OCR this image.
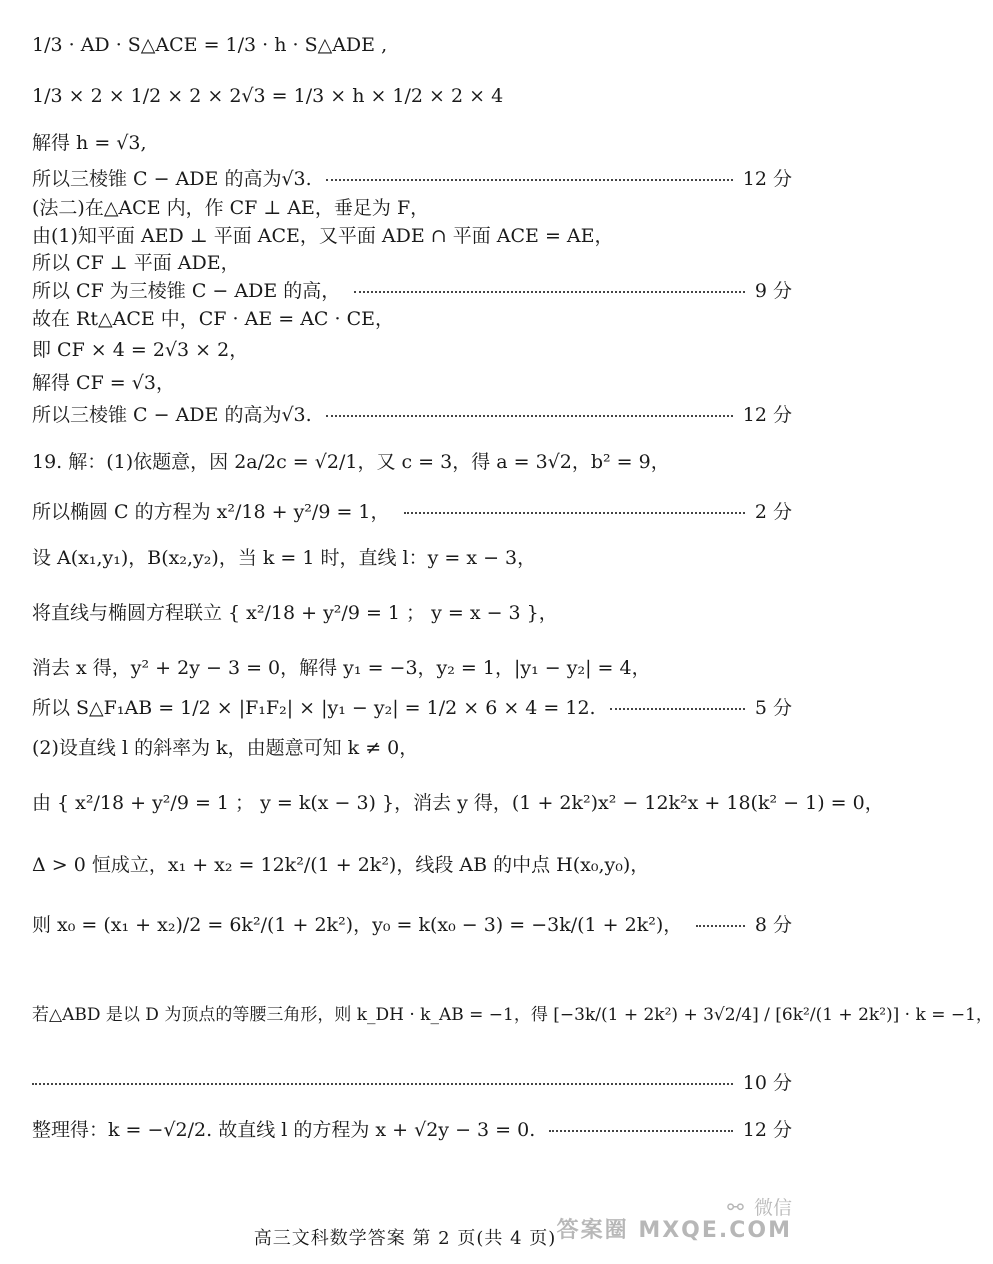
1/3 · AD · S△ACE = 1/3 · h · S△ADE ,
1/3 × 2 × 1/2 × 2 × 2√3 = 1/3 × h × 1/2 × 2 × 4
解得 h = √3,
所以三棱锥 C − ADE 的高为√3.	12 分
(法二)在△ACE 内，作 CF ⊥ AE，垂足为 F，
由(1)知平面 AED ⊥ 平面 ACE，又平面 ADE ∩ 平面 ACE = AE，
所以 CF ⊥ 平面 ADE，
所以 CF 为三棱锥 C − ADE 的高，	9 分
故在 Rt△ACE 中，CF · AE = AC · CE，
即 CF × 4 = 2√3 × 2，
解得 CF = √3，
所以三棱锥 C − ADE 的高为√3.	12 分
19. 解：(1)依题意，因 2a/2c = √2/1，又 c = 3，得 a = 3√2，b² = 9，
所以椭圆 C 的方程为 x²/18 + y²/9 = 1，	2 分
设 A(x₁,y₁)，B(x₂,y₂)，当 k = 1 时，直线 l：y = x − 3，
将直线与椭圆方程联立 { x²/18 + y²/9 = 1 ； y = x − 3 }，
消去 x 得，y² + 2y − 3 = 0，解得 y₁ = −3，y₂ = 1，|y₁ − y₂| = 4，
所以 S△F₁AB = 1/2 × |F₁F₂| × |y₁ − y₂| = 1/2 × 6 × 4 = 12.	5 分
(2)设直线 l 的斜率为 k，由题意可知 k ≠ 0，
由 { x²/18 + y²/9 = 1 ； y = k(x − 3) }，消去 y 得，(1 + 2k²)x² − 12k²x + 18(k² − 1) = 0，
Δ > 0 恒成立，x₁ + x₂ = 12k²/(1 + 2k²)，线段 AB 的中点 H(x₀,y₀)，
则 x₀ = (x₁ + x₂)/2 = 6k²/(1 + 2k²)，y₀ = k(x₀ − 3) = −3k/(1 + 2k²)，	8 分
若△ABD 是以 D 为顶点的等腰三角形，则 k_DH · k_AB = −1，得 [−3k/(1 + 2k²) + 3√2/4] / [6k²/(1 + 2k²)] · k = −1，
10 分
整理得：k = −√2/2. 故直线 l 的方程为 x + √2y − 3 = 0.	12 分
高三文科数学答案 第 2 页(共 4 页)
⚯ 微信
答案圈 MXQE.COM
